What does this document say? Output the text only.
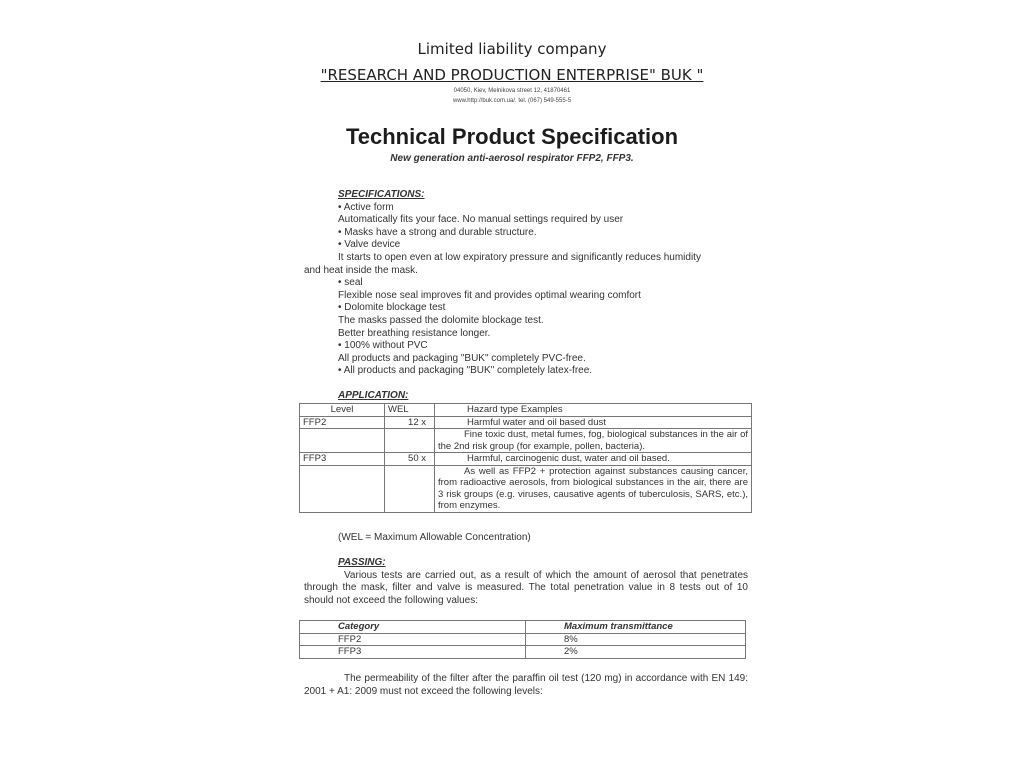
Limited liability company
"RESEARCH AND PRODUCTION ENTERPRISE" BUK "
04050, Kiev, Melnikova street 12, 41870461
www.http://buk.com.ua/. tel. (067) 549-555-5
Technical Product Specification
New generation anti-aerosol respirator FFP2, FFP3.
SPECIFICATIONS:
• Active form
Automatically fits your face. No manual settings required by user
• Masks have a strong and durable structure.
• Valve device
It starts to open even at low expiratory pressure and significantly reduces humidity
and heat inside the mask.
• seal
Flexible nose seal improves fit and provides optimal wearing comfort
• Dolomite blockage test
The masks passed the dolomite blockage test.
Better breathing resistance longer.
• 100% without PVC
All products and packaging "BUK" completely PVC-free.
• All products and packaging "BUK" completely latex-free.
APPLICATION:
Level	WEL	Hazard type Examples
FFP2	12 x	Harmful water and oil based dust
		Fine toxic dust, metal fumes, fog, biological substances in the air of the 2nd risk group (for example, pollen, bacteria).
FFP3	50 x	Harmful, carcinogenic dust, water and oil based.
		As well as FFP2 + protection against substances causing cancer, from radioactive aerosols, from biological substances in the air, there are 3 risk groups (e.g. viruses, causative agents of tuberculosis, SARS, etc.), from enzymes.
(WEL = Maximum Allowable Concentration)
PASSING:
Various tests are carried out, as a result of which the amount of aerosol that penetrates through the mask, filter and valve is measured. The total penetration value in 8 tests out of 10 should not exceed the following values:
Category	Maximum transmittance
FFP2	8%
FFP3	2%
The permeability of the filter after the paraffin oil test (120 mg) in accordance with EN 149: 2001 + A1: 2009 must not exceed the following levels:
